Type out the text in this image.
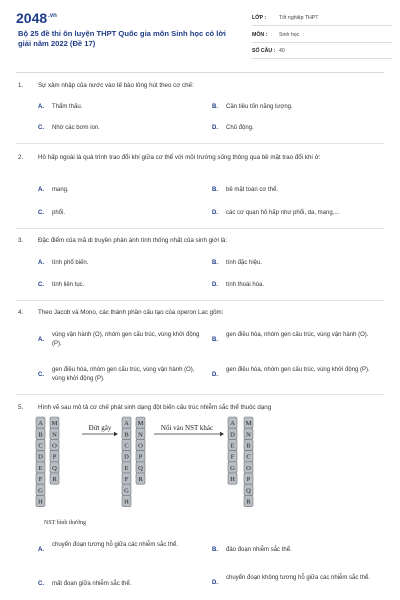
$2048^{.vn}$
Bộ 25 đề thi ôn luyện THPT Quốc gia môn Sinh học có lời giải năm 2022 (Đề 17)
LỚP : Tốt nghiệp THPT
MÔN : Sinh học
SỐ CÂU : 40
1. Sự xâm nhập của nước vào tế bào lông hút theo cơ chế:
A. Thẩm thấu.	B. Cần tiêu tốn năng lượng.
C. Nhờ các bơm ion.	D. Chủ động.
2. Hô hấp ngoài là quá trình trao đổi khí giữa cơ thể với môi trường sống thông qua bề mặt trao đổi khí ở:
A. mang.	B. bề mặt toàn cơ thể.
C. phổi.	D. các cơ quan hô hấp như phổi, da, mang,...
3. Đặc điểm của mã di truyền phản ánh tính thống nhất của sinh giới là:
A. tính phổ biến.	B. tính đặc hiệu.
C. tính liên tục.	D. tính thoái hóa.
4. Theo Jacob và Mono, các thành phần cấu tạo của operon Lac gồm:
A.
vùng vận hành (O), nhóm gen cấu trúc, vùng khởi động (P).
B.
gen điều hòa, nhóm gen cấu trúc, vùng vận hành (O).
C.
gen điều hòa, nhóm gen cấu trúc, vùng vận hành (O), vùng khởi động (P).
D.
gen điều hòa, nhóm gen cấu trúc, vùng khởi động (P).
5. Hình vẽ sau mô tả cơ chế phát sinh dạng đột biến cấu trúc nhiễm sắc thể thuộc dạng
A
B
C
D
E
F
G
H
M
N
O
P
Q
R
A
B
C
D
E
F
G
H
M
N
O
P
Q
R
A
D
E
F
G
H
M
N
B
C
O
P
Q
R
Đứt gãy	Nối vào NST khác
NST bình thường
A.
chuyển đoạn tương hỗ giữa các nhiễm sắc thể.
B. đảo đoạn nhiễm sắc thể.
C. mất đoạn giữa nhiễm sắc thể.	D.
chuyển đoạn không tương hỗ giữa các nhiễm sắc thể.
